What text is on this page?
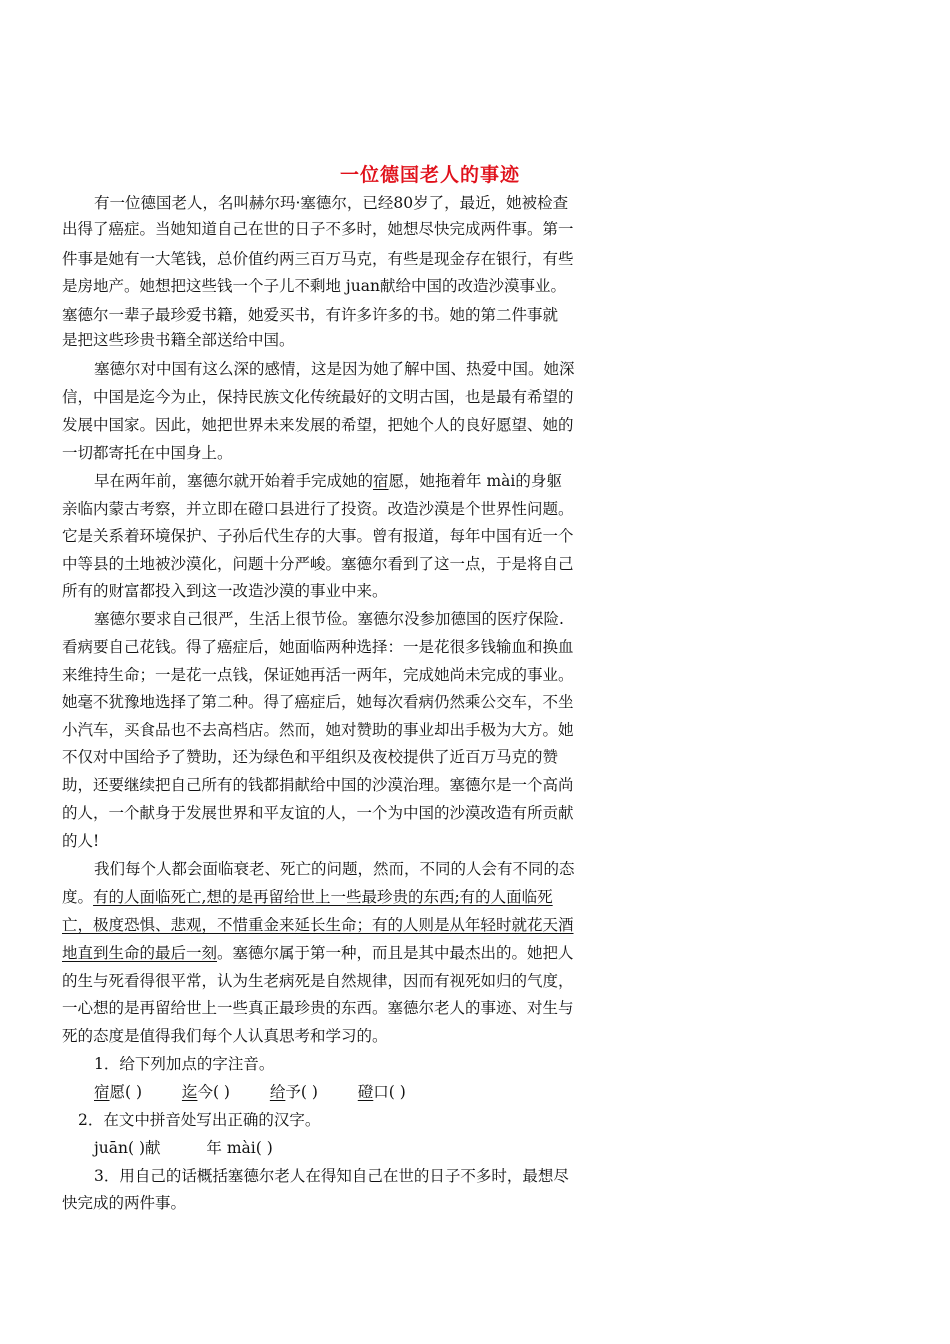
一位德国老人的事迹
有一位德国老人，名叫赫尔玛·塞德尔，已经80岁了，最近，她被检查
出得了癌症。当她知道自己在世的日子不多时，她想尽快完成两件事。第一
件事是她有一大笔钱，总价值约两三百万马克，有些是现金存在银行，有些
是房地产。她想把这些钱一个子儿不剩地 juan献给中国的改造沙漠事业。
塞德尔一辈子最珍爱书籍，她爱买书，有许多许多的书。她的第二件事就
是把这些珍贵书籍全部送给中国。
塞德尔对中国有这么深的感情，这是因为她了解中国、热爱中国。她深
信，中国是迄今为止，保持民族文化传统最好的文明古国，也是最有希望的
发展中国家。因此，她把世界未来发展的希望，把她个人的良好愿望、她的
一切都寄托在中国身上。
早在两年前，塞德尔就开始着手完成她的宿愿，她拖着年 mài的身躯
亲临内蒙古考察，并立即在磴口县进行了投资。改造沙漠是个世界性问题。
它是关系着环境保护、子孙后代生存的大事。曾有报道，每年中国有近一个
中等县的土地被沙漠化，问题十分严峻。塞德尔看到了这一点，于是将自己
所有的财富都投入到这一改造沙漠的事业中来。
塞德尔要求自己很严，生活上很节俭。塞德尔没参加德国的医疗保险.
看病要自己花钱。得了癌症后，她面临两种选择：一是花很多钱输血和换血
来维持生命；一是花一点钱，保证她再活一两年，完成她尚未完成的事业。
她毫不犹豫地选择了第二种。得了癌症后，她每次看病仍然乘公交车，不坐
小汽车，买食品也不去高档店。然而，她对赞助的事业却出手极为大方。她
不仅对中国给予了赞助，还为绿色和平组织及夜校提供了近百万马克的赞
助，还要继续把自己所有的钱都捐献给中国的沙漠治理。塞德尔是一个高尚
的人，一个献身于发展世界和平友谊的人，一个为中国的沙漠改造有所贡献
的人!
我们每个人都会面临衰老、死亡的问题，然而，不同的人会有不同的态
度。有的人面临死亡,想的是再留给世上一些最珍贵的东西;有的人面临死
亡，极度恐惧、悲观，不惜重金来延长生命；有的人则是从年轻时就花天酒
地直到生命的最后一刻。塞德尔属于第一种，而且是其中最杰出的。她把人
的生与死看得很平常，认为生老病死是自然规律，因而有视死如归的气度，
一心想的是再留给世上一些真正最珍贵的东西。塞德尔老人的事迹、对生与
死的态度是值得我们每个人认真思考和学习的。
1．给下列加点的字注音。
宿愿( )	迄今( )	给予( )	磴口( )
2．在文中拼音处写出正确的汉字。
juān( )献	年 mài( )
3．用自己的话概括塞德尔老人在得知自己在世的日子不多时，最想尽
快完成的两件事。
